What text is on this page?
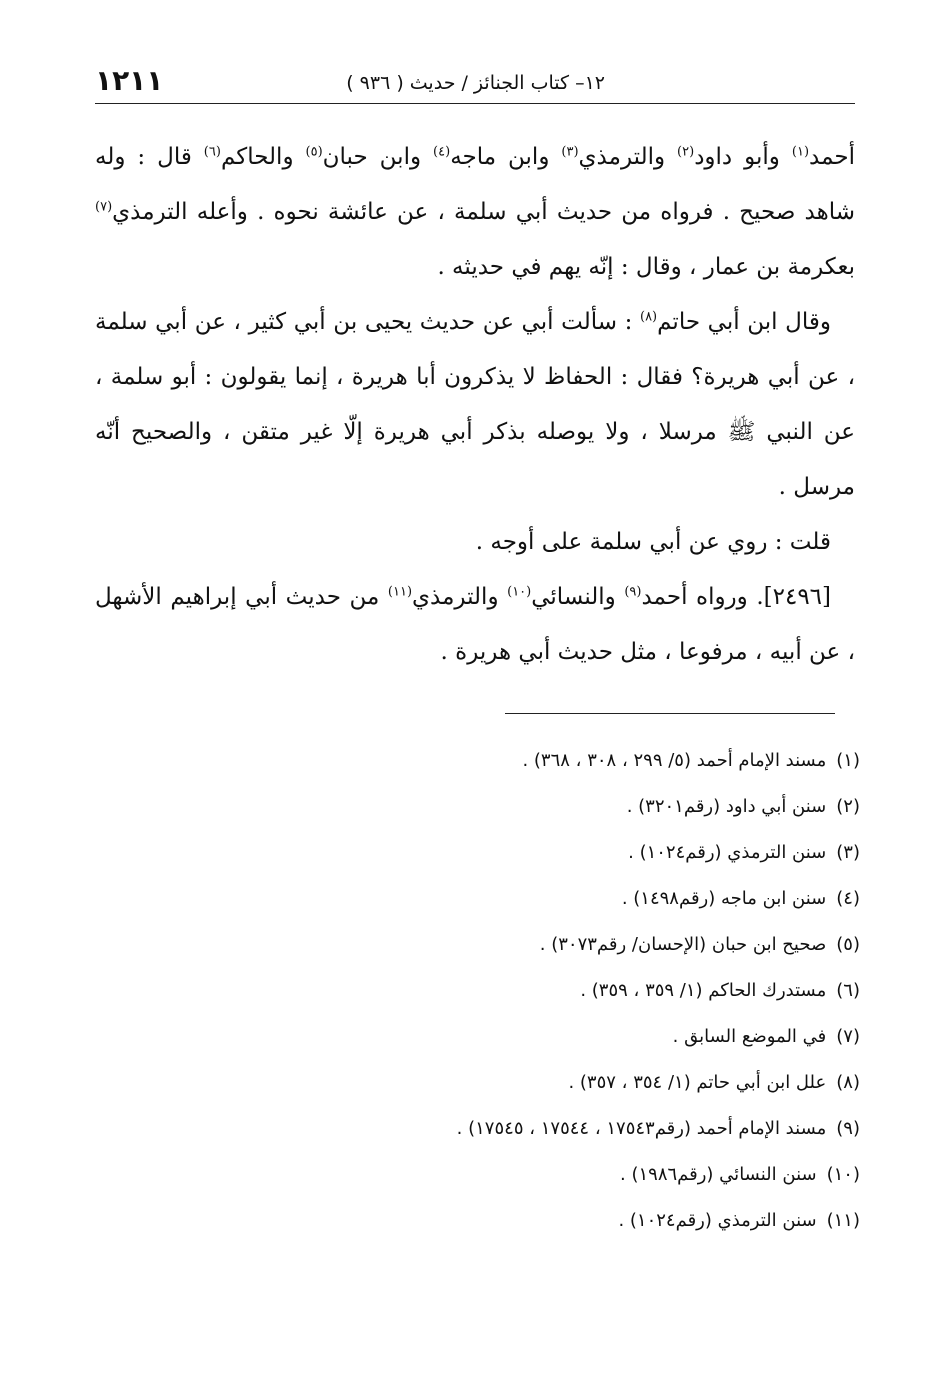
١٢– كتاب الجنائز / حديث ( ٩٣٦ )
١٢١١

أحمد$^{(١)}$ وأبو داود$^{(٢)}$ والترمذي$^{(٣)}$ وابن ماجه$^{(٤)}$ وابن حبان$^{(٥)}$ والحاكم$^{(٦)}$ قال : وله شاهد صحيح . فرواه من حديث أبي سلمة ، عن عائشة نحوه . وأعله الترمذي$^{(٧)}$ بعكرمة بن عمار ، وقال : إنّه يهم في حديثه .

وقال ابن أبي حاتم$^{(٨)}$ : سألت أبي عن حديث يحيى بن أبي كثير ، عن أبي سلمة ، عن أبي هريرة؟ فقال : الحفاظ لا يذكرون أبا هريرة ، إنما يقولون : أبو سلمة ، عن النبي ﷺ مرسلا ، ولا يوصله بذكر أبي هريرة إلّا غير متقن ، والصحيح أنّه مرسل .

قلت : روي عن أبي سلمة على أوجه .

[٢٤٩٦]. ورواه أحمد$^{(٩)}$ والنسائي$^{(١٠)}$ والترمذي$^{(١١)}$ من حديث أبي إبراهيم الأشهل ، عن أبيه ، مرفوعا ، مثل حديث أبي هريرة .

(١)
مسند الإمام أحمد (٥/ ٢٩٩ ، ٣٠٨ ، ٣٦٨) .
(٢)
سنن أبي داود (رقم٣٢٠١) .
(٣)
سنن الترمذي (رقم١٠٢٤) .
(٤)
سنن ابن ماجه (رقم١٤٩٨) .
(٥)
صحيح ابن حبان (الإحسان/ رقم٣٠٧٣) .
(٦)
مستدرك الحاكم (١/ ٣٥٩ ، ٣٥٩) .
(٧)
في الموضع السابق .
(٨)
علل ابن أبي حاتم (١/ ٣٥٤ ، ٣٥٧) .
(٩)
مسند الإمام أحمد (رقم١٧٥٤٣ ، ١٧٥٤٤ ، ١٧٥٤٥) .
(١٠)
سنن النسائي (رقم١٩٨٦) .
(١١)
سنن الترمذي (رقم١٠٢٤) .
